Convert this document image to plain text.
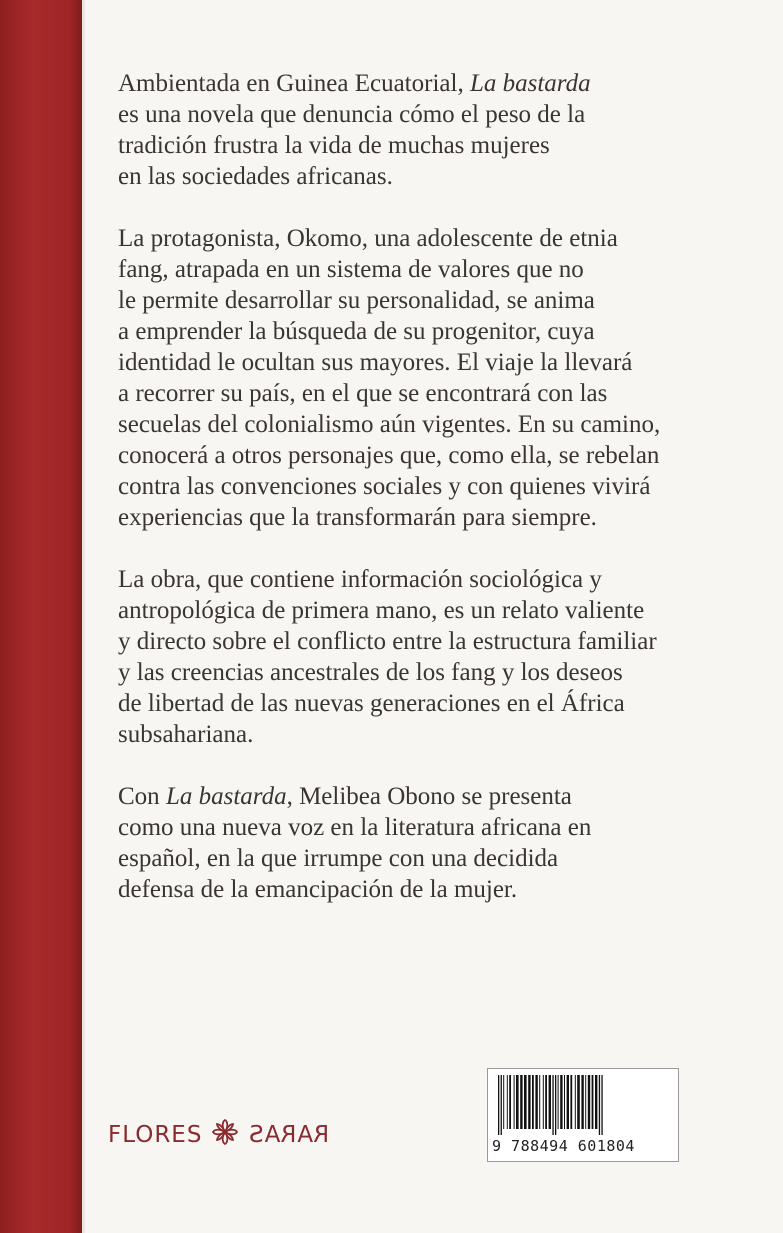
Ambientada en Guinea Ecuatorial, La bastarda
es una novela que denuncia cómo el peso de la
tradición frustra la vida de muchas mujeres
en las sociedades africanas.
La protagonista, Okomo, una adolescente de etnia
fang, atrapada en un sistema de valores que no
le permite desarrollar su personalidad, se anima
a emprender la búsqueda de su progenitor, cuya
identidad le ocultan sus mayores. El viaje la llevará
a recorrer su país, en el que se encontrará con las
secuelas del colonialismo aún vigentes. En su camino,
conocerá a otros personajes que, como ella, se rebelan
contra las convenciones sociales y con quienes vivirá
experiencias que la transformarán para siempre.
La obra, que contiene información sociológica y
antropológica de primera mano, es un relato valiente
y directo sobre el conflicto entre la estructura familiar
y las creencias ancestrales de los fang y los deseos
de libertad de las nuevas generaciones en el África
subsahariana.
Con La bastarda, Melibea Obono se presenta
como una nueva voz en la literatura africana en
español, en la que irrumpe con una decidida
defensa de la emancipación de la mujer.
FLORES RARAS	9 788494 601804
